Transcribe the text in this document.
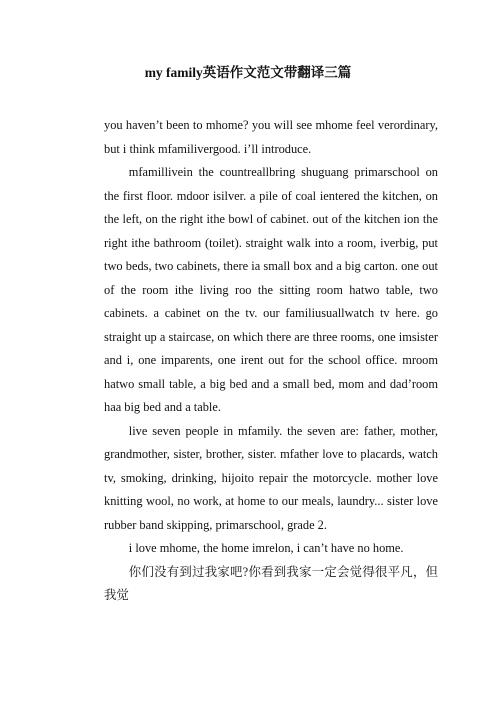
my family英语作文范文带翻译三篇

you haven’t been to mhome? you will see mhome feel verordinary, but i think mfamilivergood. i’ll introduce.

mfamillivein the countreallbring shuguang primarschool on the first floor. mdoor isilver. a pile of coal ientered the kitchen, on the left, on the right ithe bowl of cabinet. out of the kitchen ion the right ithe bathroom (toilet). straight walk into a room, iverbig, put two beds, two cabinets, there ia small box and a big carton. one out of the room ithe living roo the sitting room hatwo table, two cabinets. a cabinet on the tv. our familiusuallwatch tv here. go straight up a staircase, on which there are three rooms, one imsister and i, one imparents, one irent out for the school office. mroom hatwo small table, a big bed and a small bed, mom and dad’room haa big bed and a table.

live seven people in mfamily. the seven are: father, mother, grandmother, sister, brother, sister. mfather love to placards, watch tv, smoking, drinking, hijoito repair the motorcycle. mother love knitting wool, no work, at home to our meals, laundry... sister love rubber band skipping, primarschool, grade 2.

i love mhome, the home imrelon, i can’t have no home.

你们没有到过我家吧?你看到我家一定会觉得很平凡，但我觉
